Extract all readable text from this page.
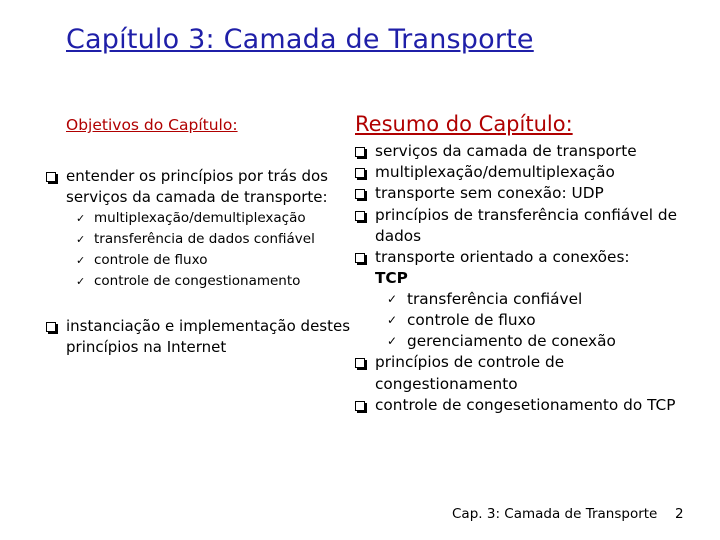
Capítulo 3: Camada de Transporte
Objetivos do Capítulo:
entender os princípios por trás dos serviços da camada de transporte:
✓ multiplexação/demultiplexação
✓ transferência de dados confiável
✓ controle de fluxo
✓ controle de congestionamento
instanciação e implementação destes princípios na Internet
Resumo do Capítulo:
serviços da camada de transporte
multiplexação/demultiplexação
transporte sem conexão: UDP
princípios de transferência confiável de dados
transporte orientado a conexões:
TCP
✓ transferência confiável
✓ controle de fluxo
✓ gerenciamento de conexão
princípios de controle de congestionamento
controle de congesetionamento do TCP
Cap. 3: Camada de Transporte 2
